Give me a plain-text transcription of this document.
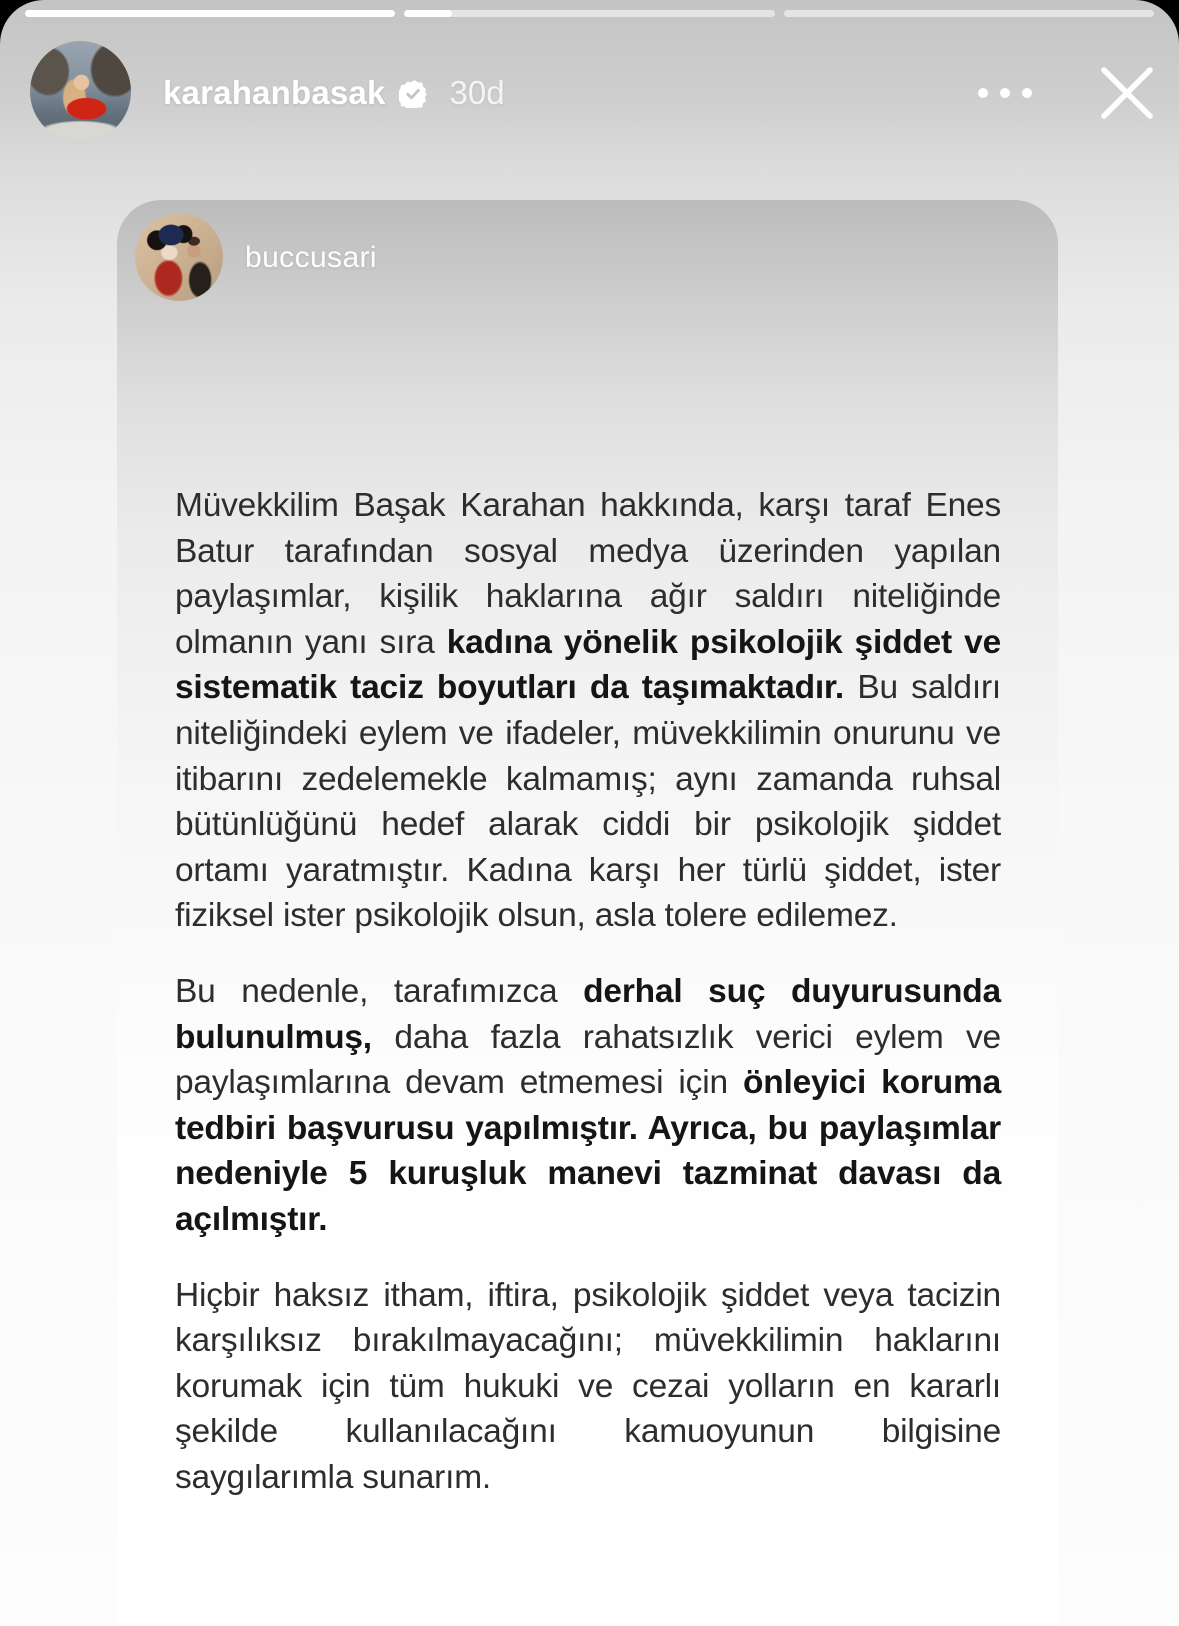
karahanbasak 30d
buccusari

Müvekkilim Başak Karahan hakkında, karşı taraf Enes Batur tarafından sosyal medya üzerinden yapılan paylaşımlar, kişilik haklarına ağır saldırı niteliğinde olmanın yanı sıra kadına yönelik psikolojik şiddet ve sistematik taciz boyutları da taşımaktadır. Bu saldırı niteliğindeki eylem ve ifadeler, müvekkilimin onurunu ve itibarını zedelemekle kalmamış; aynı zamanda ruhsal bütünlüğünü hedef alarak ciddi bir psikolojik şiddet ortamı yaratmıştır. Kadına karşı her türlü şiddet, ister fiziksel ister psikolojik olsun, asla tolere edilemez.

Bu nedenle, tarafımızca derhal suç duyurusunda bulunulmuş, daha fazla rahatsızlık verici eylem ve paylaşımlarına devam etmemesi için önleyici koruma tedbiri başvurusu yapılmıştır. Ayrıca, bu paylaşımlar nedeniyle 5 kuruşluk manevi tazminat davası da açılmıştır.

Hiçbir haksız itham, iftira, psikolojik şiddet veya tacizin karşılıksız bırakılmayacağını; müvekkilimin haklarını korumak için tüm hukuki ve cezai yolların en kararlı şekilde kullanılacağını kamuoyunun bilgisine saygılarımla sunarım.
